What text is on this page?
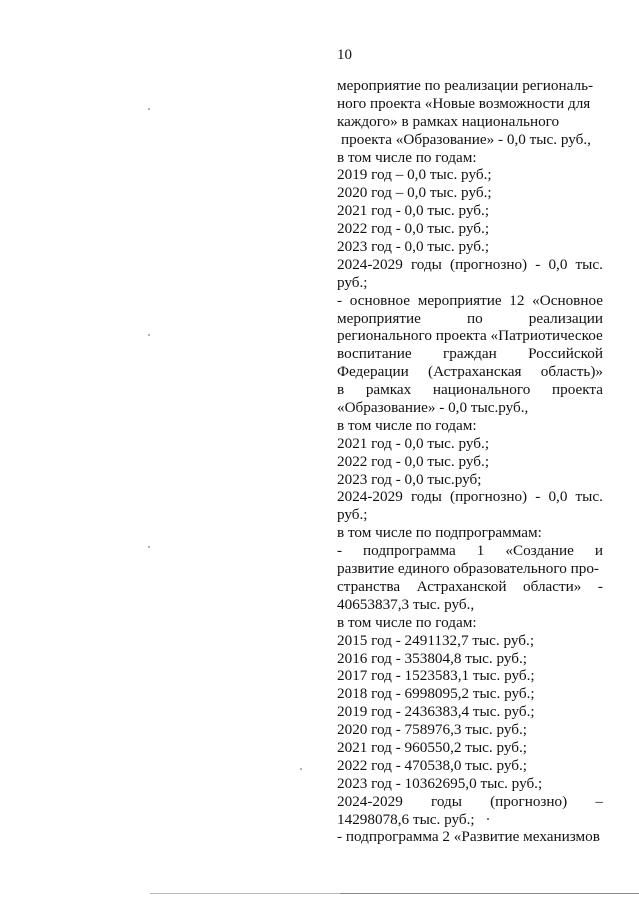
10
мероприятие по реализации региональ-
ного проекта «Новые возможности для
каждого» в рамках национального
проекта «Образование» - 0,0 тыс. руб.,
в том числе по годам:
2019 год – 0,0 тыс. руб.;
2020 год – 0,0 тыс. руб.;
2021 год - 0,0 тыс. руб.;
2022 год - 0,0 тыс. руб.;
2023 год - 0,0 тыс. руб.;
2024-2029 годы (прогнозно) - 0,0 тыс.
руб.;
- основное мероприятие 12 «Основное
мероприятие	по	реализации
регионального проекта «Патриотическое
воспитание граждан Российской
Федерации (Астраханская область)»
в рамках национального проекта
«Образование» - 0,0 тыс.руб.,
в том числе по годам:
2021 год - 0,0 тыс. руб.;
2022 год - 0,0 тыс. руб.;
2023 год - 0,0 тыс.руб;
2024-2029 годы (прогнозно) - 0,0 тыс.
руб.;
в том числе по подпрограммам:
- подпрограмма 1 «Создание и
развитие единого образовательного про-
странства Астраханской области» -
40653837,3 тыс. руб.,
в том числе по годам:
2015 год - 2491132,7 тыс. руб.;
2016 год - 353804,8 тыс. руб.;
2017 год - 1523583,1 тыс. руб.;
2018 год - 6998095,2 тыс. руб.;
2019 год - 2436383,4 тыс. руб.;
2020 год - 758976,3 тыс. руб.;
2021 год - 960550,2 тыс. руб.;
2022 год - 470538,0 тыс. руб.;
2023 год - 10362695,0 тыс. руб.;
2024-2029 годы (прогнозно) –
14298078,6 тыс. руб.;
- подпрограмма 2 «Развитие механизмов
